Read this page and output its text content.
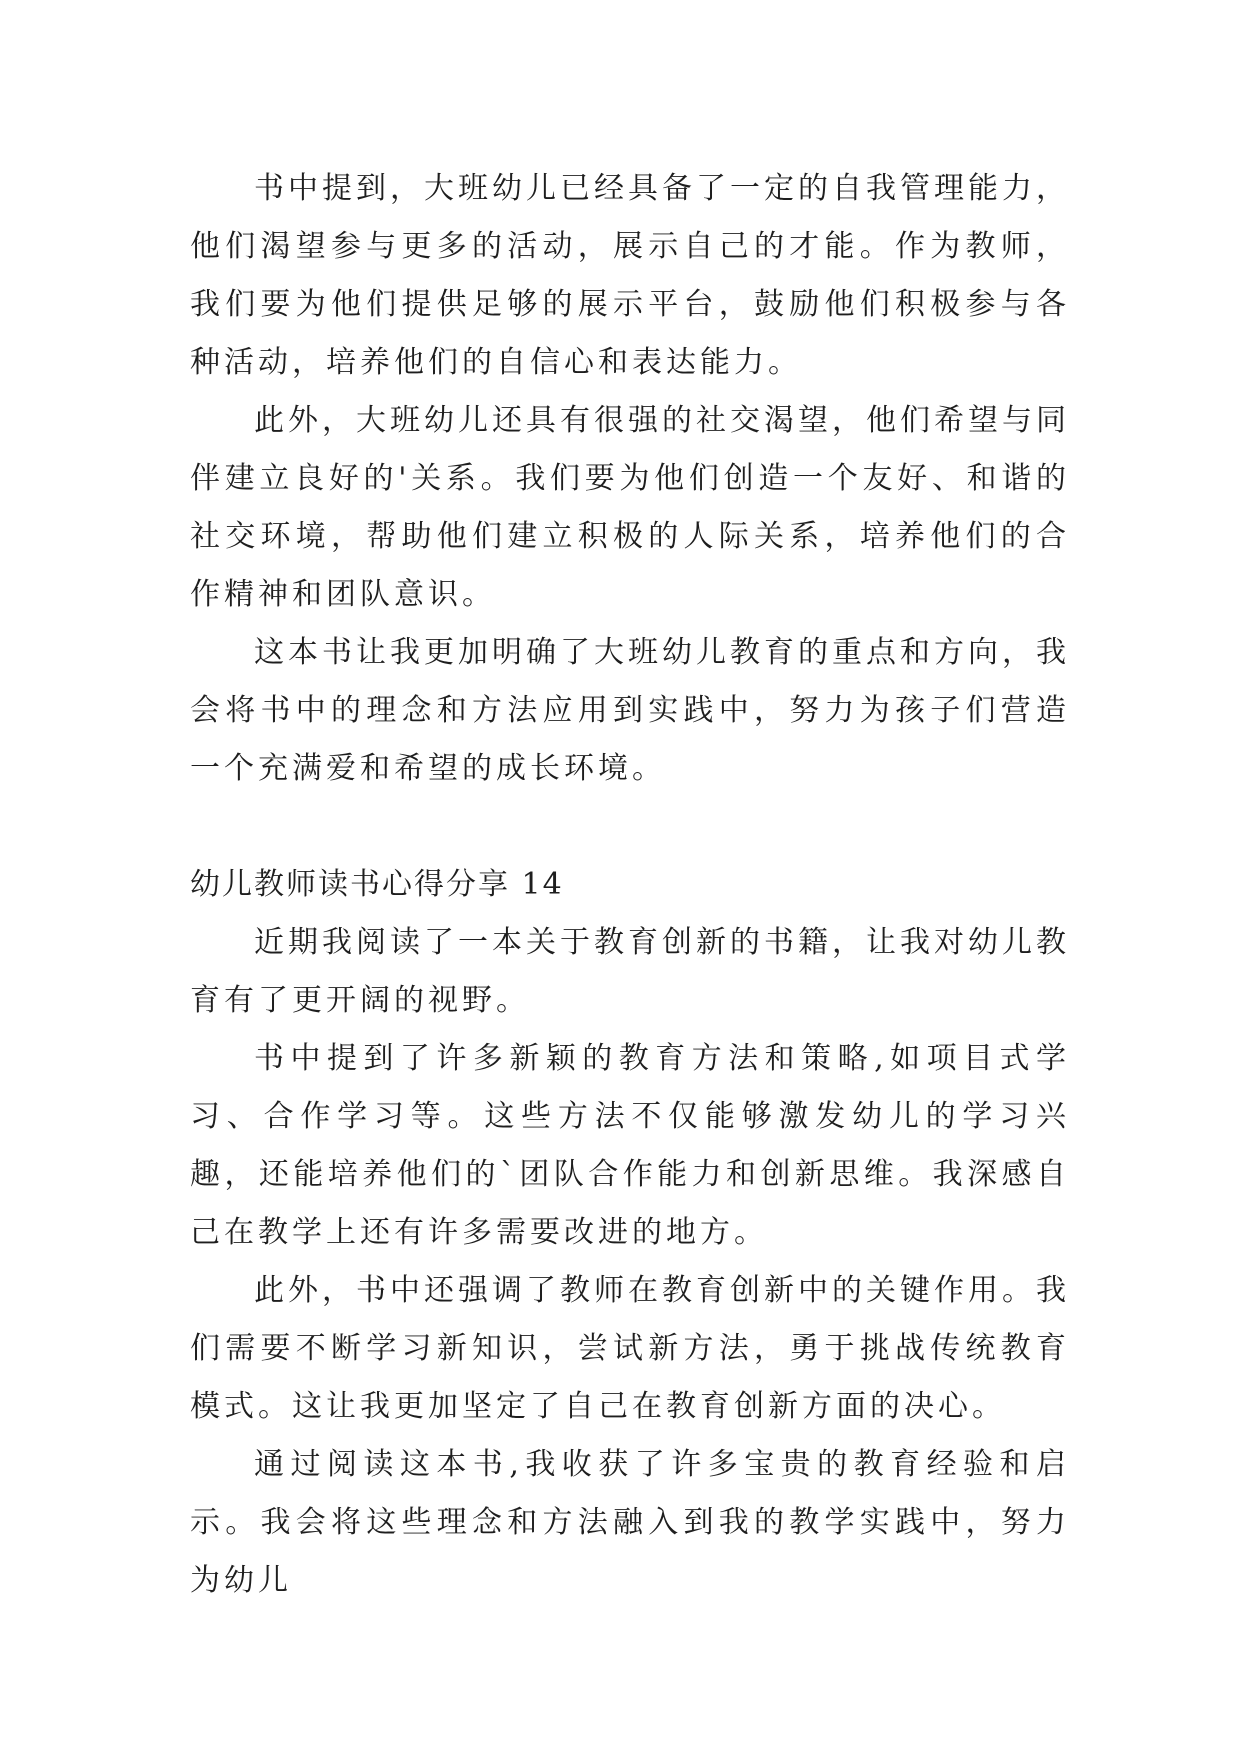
书中提到，大班幼儿已经具备了一定的自我管理能力，他们渴望参与更多的活动，展示自己的才能。作为教师，我们要为他们提供足够的展示平台，鼓励他们积极参与各种活动，培养他们的自信心和表达能力。

此外，大班幼儿还具有很强的社交渴望，他们希望与同伴建立良好的'关系。我们要为他们创造一个友好、和谐的社交环境，帮助他们建立积极的人际关系，培养他们的合作精神和团队意识。

这本书让我更加明确了大班幼儿教育的重点和方向，我会将书中的理念和方法应用到实践中，努力为孩子们营造一个充满爱和希望的成长环境。

幼儿教师读书心得分享 14

近期我阅读了一本关于教育创新的书籍，让我对幼儿教育有了更开阔的视野。

书中提到了许多新颖的教育方法和策略,如项目式学习、合作学习等。这些方法不仅能够激发幼儿的学习兴趣，还能培养他们的`团队合作能力和创新思维。我深感自己在教学上还有许多需要改进的地方。

此外，书中还强调了教师在教育创新中的关键作用。我们需要不断学习新知识，尝试新方法，勇于挑战传统教育模式。这让我更加坚定了自己在教育创新方面的决心。

通过阅读这本书,我收获了许多宝贵的教育经验和启示。我会将这些理念和方法融入到我的教学实践中，努力为幼儿
